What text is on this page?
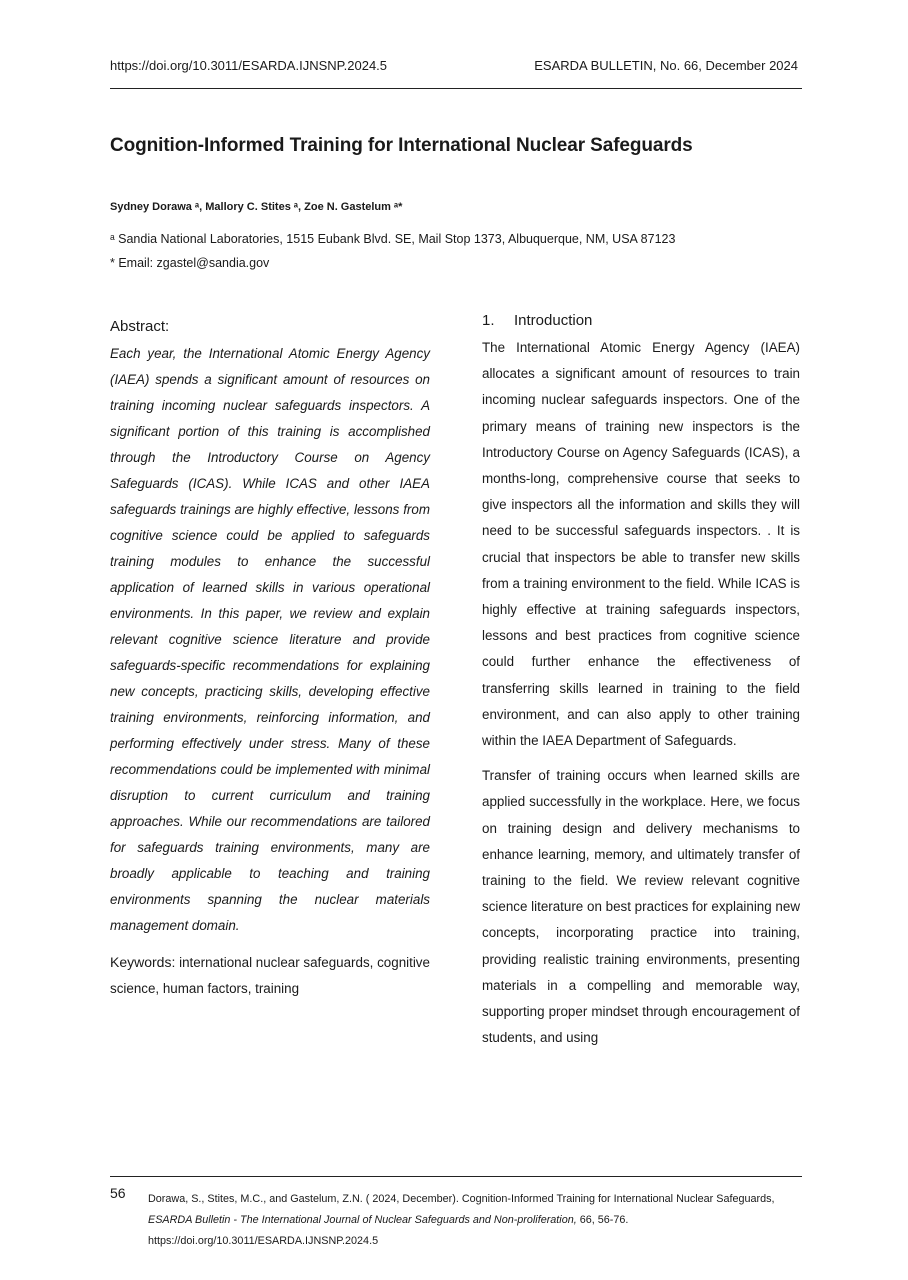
https://doi.org/10.3011/ESARDA.IJNSNP.2024.5	ESARDA BULLETIN, No. 66, December 2024
Cognition-Informed Training for International Nuclear Safeguards
Sydney Dorawa ᵃ, Mallory C. Stites ᵃ, Zoe N. Gastelum ᵃ*
ᵃ Sandia National Laboratories, 1515 Eubank Blvd. SE, Mail Stop 1373, Albuquerque, NM, USA 87123
* Email: zgastel@sandia.gov
Abstract:

Each year, the International Atomic Energy Agency (IAEA) spends a significant amount of resources on training incoming nuclear safeguards inspectors. A significant portion of this training is accomplished through the Introductory Course on Agency Safeguards (ICAS). While ICAS and other IAEA safeguards trainings are highly effective, lessons from cognitive science could be applied to safeguards training modules to enhance the successful application of learned skills in various operational environments. In this paper, we review and explain relevant cognitive science literature and provide safeguards-specific recommendations for explaining new concepts, practicing skills, developing effective training environments, reinforcing information, and performing effectively under stress. Many of these recommendations could be implemented with minimal disruption to current curriculum and training approaches. While our recommendations are tailored for safeguards training environments, many are broadly applicable to teaching and training environments spanning the nuclear materials management domain.

Keywords: international nuclear safeguards, cognitive science, human factors, training
1. Introduction

The International Atomic Energy Agency (IAEA) allocates a significant amount of resources to train incoming nuclear safeguards inspectors. One of the primary means of training new inspectors is the Introductory Course on Agency Safeguards (ICAS), a months-long, comprehensive course that seeks to give inspectors all the information and skills they will need to be successful safeguards inspectors. . It is crucial that inspectors be able to transfer new skills from a training environment to the field. While ICAS is highly effective at training safeguards inspectors, lessons and best practices from cognitive science could further enhance the effectiveness of transferring skills learned in training to the field environment, and can also apply to other training within the IAEA Department of Safeguards.

Transfer of training occurs when learned skills are applied successfully in the workplace. Here, we focus on training design and delivery mechanisms to enhance learning, memory, and ultimately transfer of training to the field. We review relevant cognitive science literature on best practices for explaining new concepts, incorporating practice into training, providing realistic training environments, presenting materials in a compelling and memorable way, supporting proper mindset through encouragement of students, and using

56 Dorawa, S., Stites, M.C., and Gastelum, Z.N. ( 2024, December). Cognition-Informed Training for International Nuclear Safeguards, ESARDA Bulletin - The International Journal of Nuclear Safeguards and Non-proliferation, 66, 56-76. https://doi.org/10.3011/ESARDA.IJNSNP.2024.5
